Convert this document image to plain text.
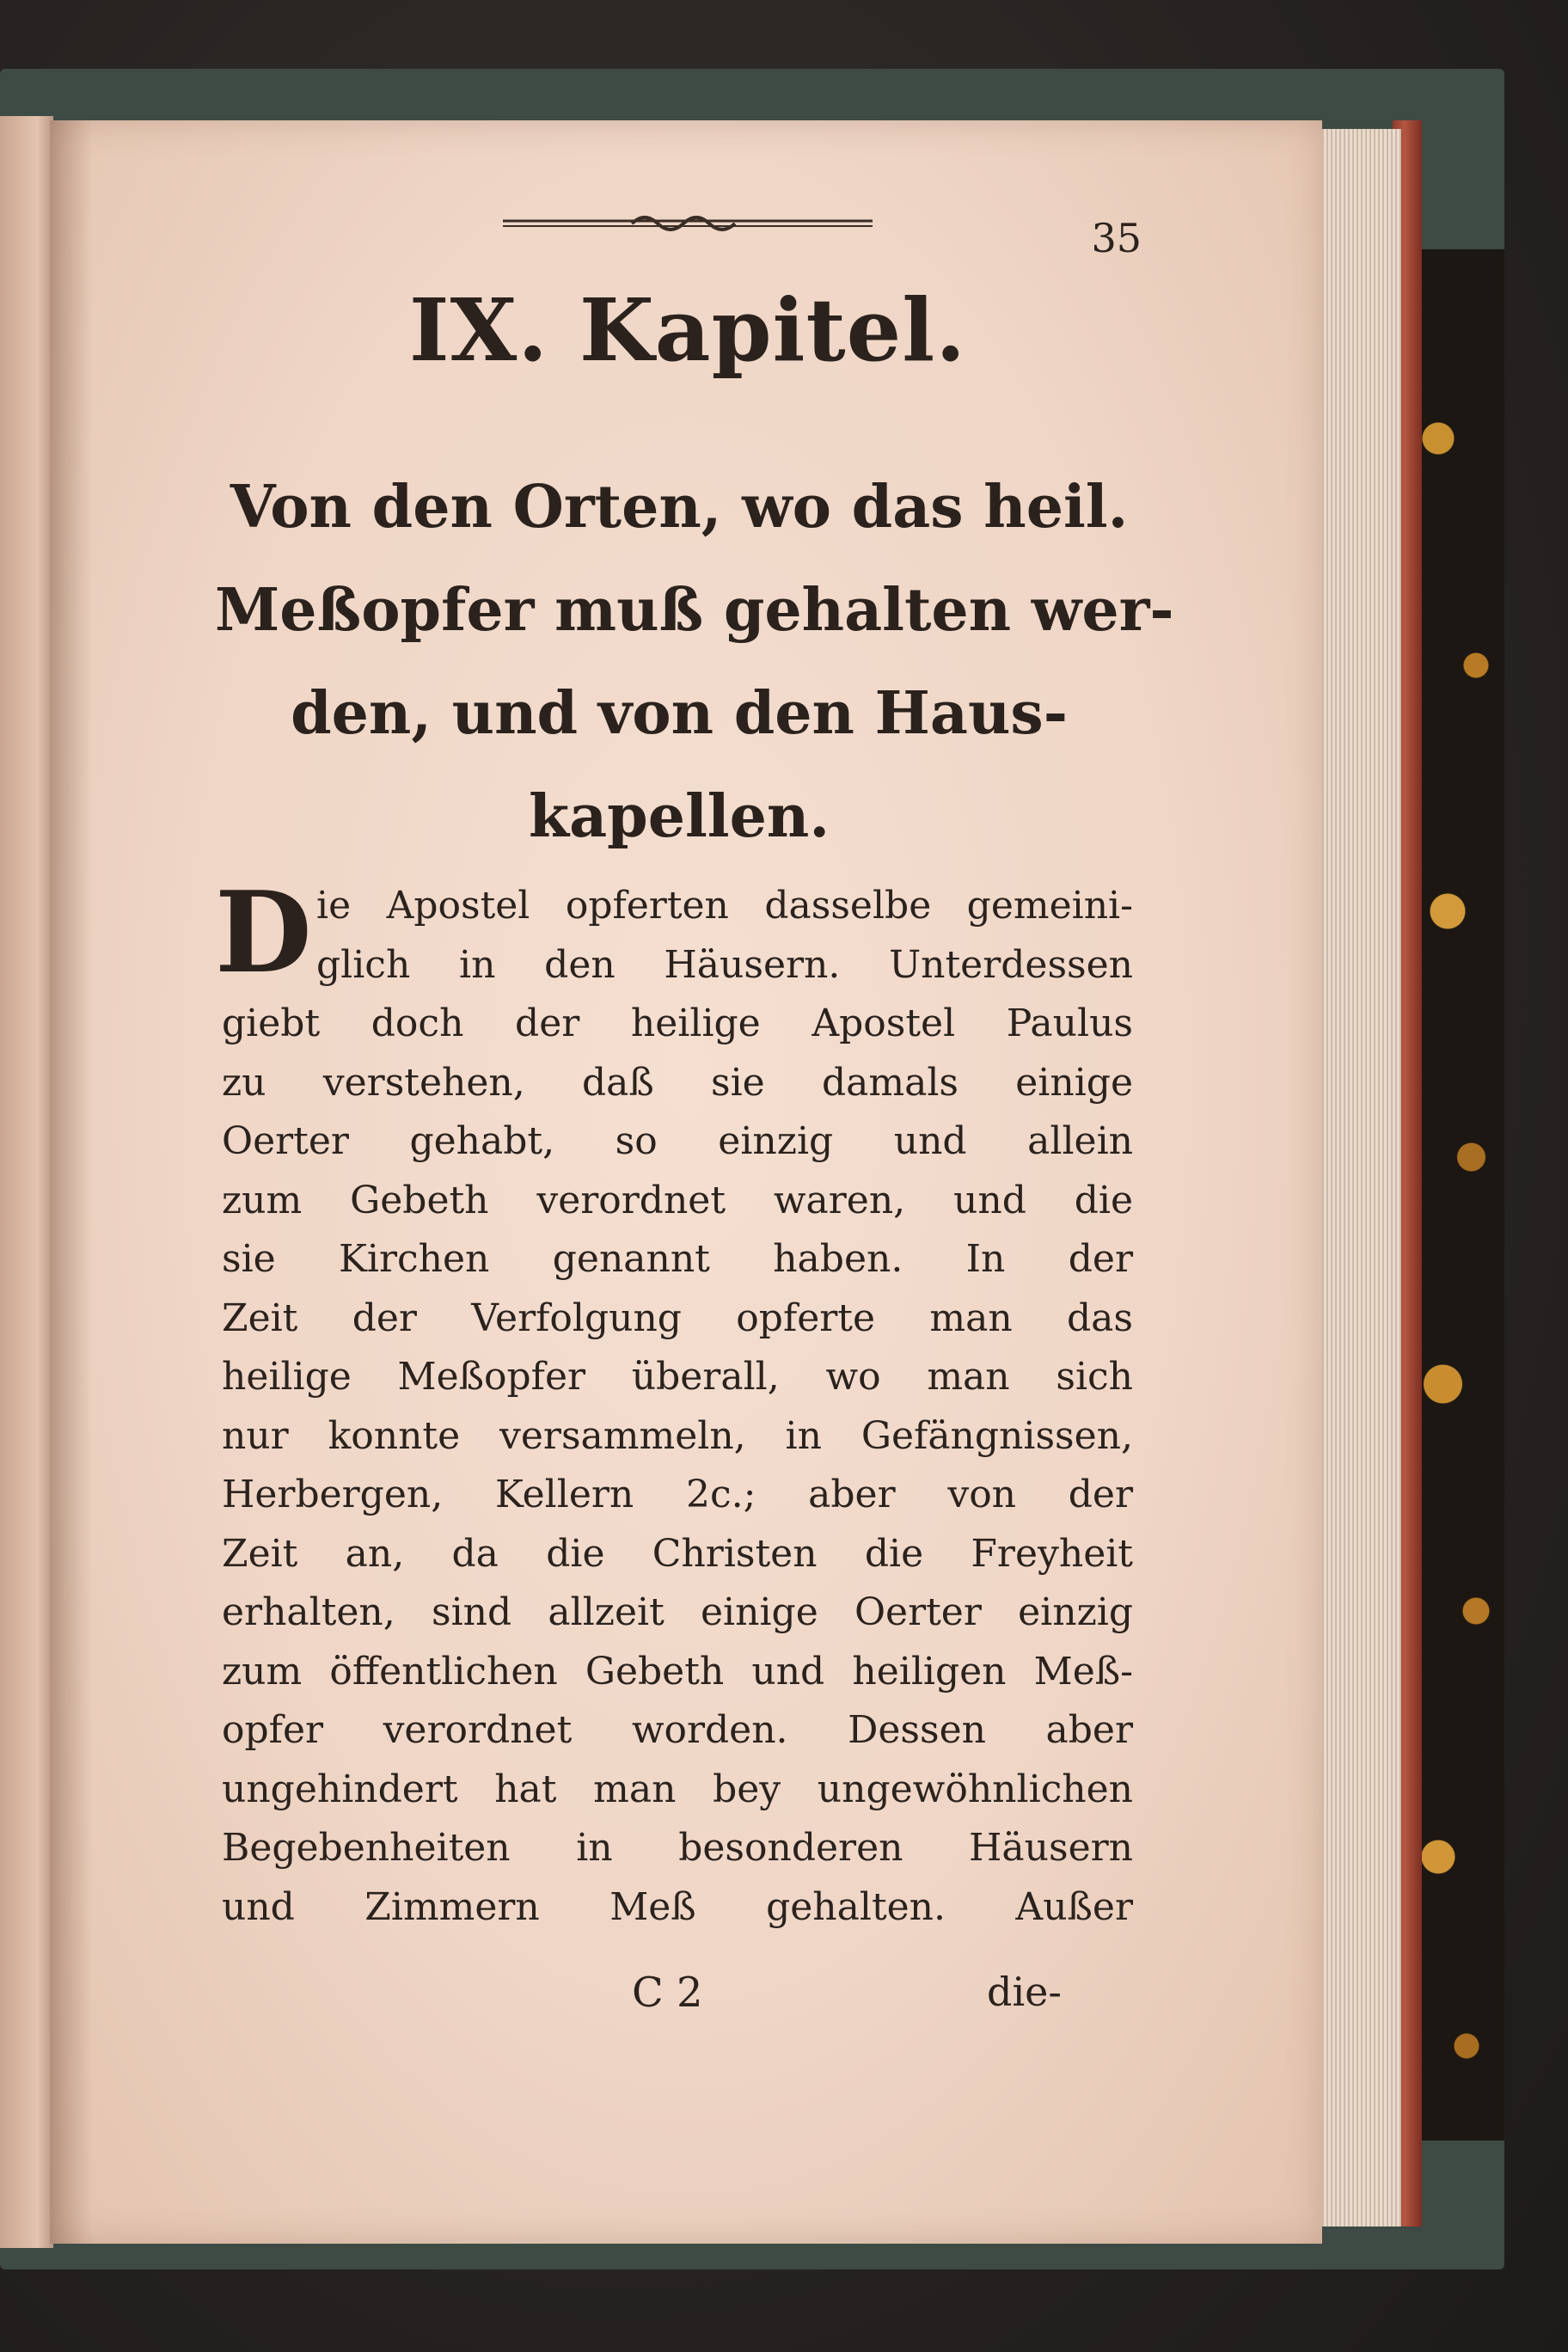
35
IX. Kapitel.
Von den Orten, wo das heil.
Meßopfer muß gehalten wer-
den, und von den Haus-
kapellen.
D ie Apostel opferten dasselbe gemeini-
glich in den Häusern. Unterdessen
giebt doch der heilige Apostel Paulus
zu verstehen, daß sie damals einige
Oerter gehabt, so einzig und allein
zum Gebeth verordnet waren, und die
sie Kirchen genannt haben. In der
Zeit der Verfolgung opferte man das
heilige Meßopfer überall, wo man sich
nur konnte versammeln, in Gefängnissen,
Herbergen, Kellern 2c.; aber von der
Zeit an, da die Christen die Freyheit
erhalten, sind allzeit einige Oerter einzig
zum öffentlichen Gebeth und heiligen Meß-
opfer verordnet worden. Dessen aber
ungehindert hat man bey ungewöhnlichen
Begebenheiten in besonderen Häusern
und Zimmern Meß gehalten. Außer
C 2	die-
